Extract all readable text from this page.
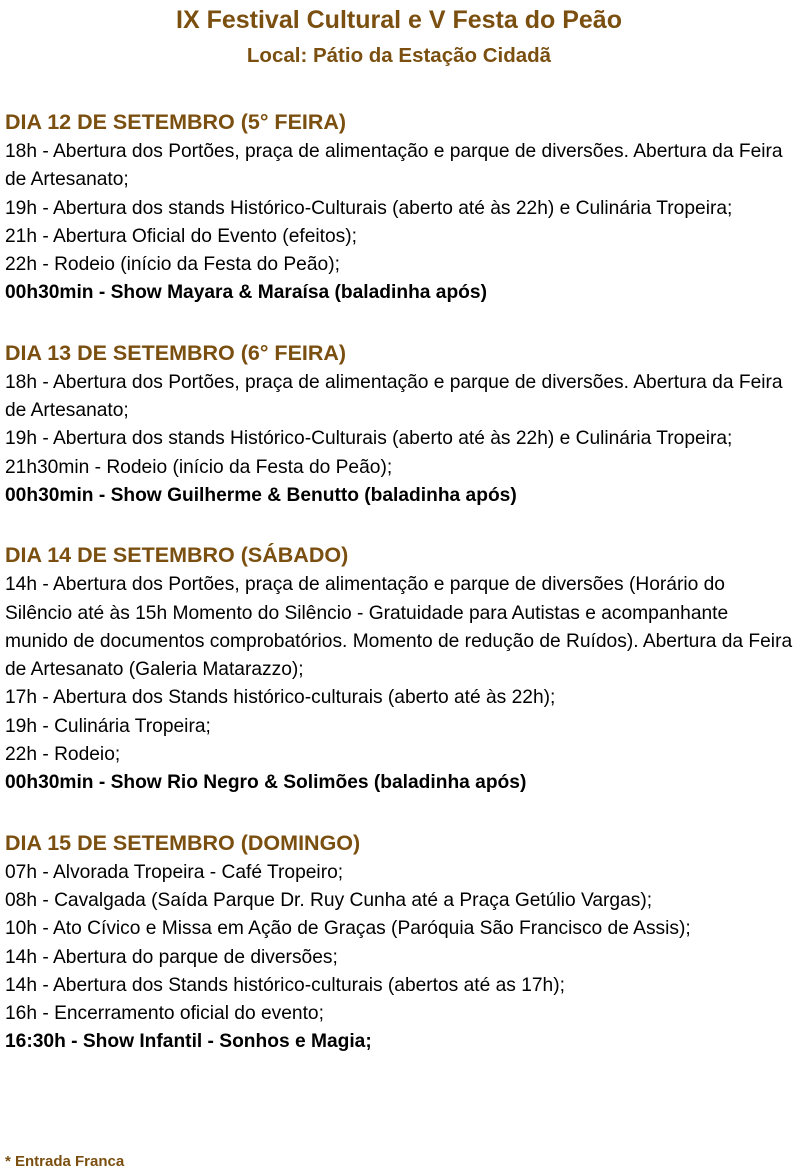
IX Festival Cultural e V Festa do Peão
Local: Pátio da Estação Cidadã
DIA 12 DE SETEMBRO (5° FEIRA)

18h - Abertura dos Portões, praça de alimentação e parque de diversões. Abertura da Feira de Artesanato;

19h - Abertura dos stands Histórico-Culturais (aberto até às 22h) e Culinária Tropeira;

21h - Abertura Oficial do Evento (efeitos);

22h - Rodeio (início da Festa do Peão);

00h30min - Show Mayara & Maraísa (baladinha após)

DIA 13 DE SETEMBRO (6° FEIRA)

18h - Abertura dos Portões, praça de alimentação e parque de diversões. Abertura da Feira de Artesanato;

19h - Abertura dos stands Histórico-Culturais (aberto até às 22h) e Culinária Tropeira;

21h30min - Rodeio (início da Festa do Peão);

00h30min - Show Guilherme & Benutto (baladinha após)

DIA 14 DE SETEMBRO (SÁBADO)

14h - Abertura dos Portões, praça de alimentação e parque de diversões (Horário do Silêncio até às 15h Momento do Silêncio - Gratuidade para Autistas e acompanhante munido de documentos comprobatórios. Momento de redução de Ruídos). Abertura da Feira de Artesanato (Galeria Matarazzo);

17h - Abertura dos Stands histórico-culturais (aberto até às 22h);

19h - Culinária Tropeira;

22h - Rodeio;

00h30min - Show Rio Negro & Solimões (baladinha após)

DIA 15 DE SETEMBRO (DOMINGO)

07h - Alvorada Tropeira - Café Tropeiro;

08h - Cavalgada (Saída Parque Dr. Ruy Cunha até a Praça Getúlio Vargas);

10h - Ato Cívico e Missa em Ação de Graças (Paróquia São Francisco de Assis);

14h - Abertura do parque de diversões;

14h - Abertura dos Stands histórico-culturais (abertos até as 17h);

16h - Encerramento oficial do evento;

16:30h - Show Infantil - Sonhos e Magia;

* Entrada Franca
